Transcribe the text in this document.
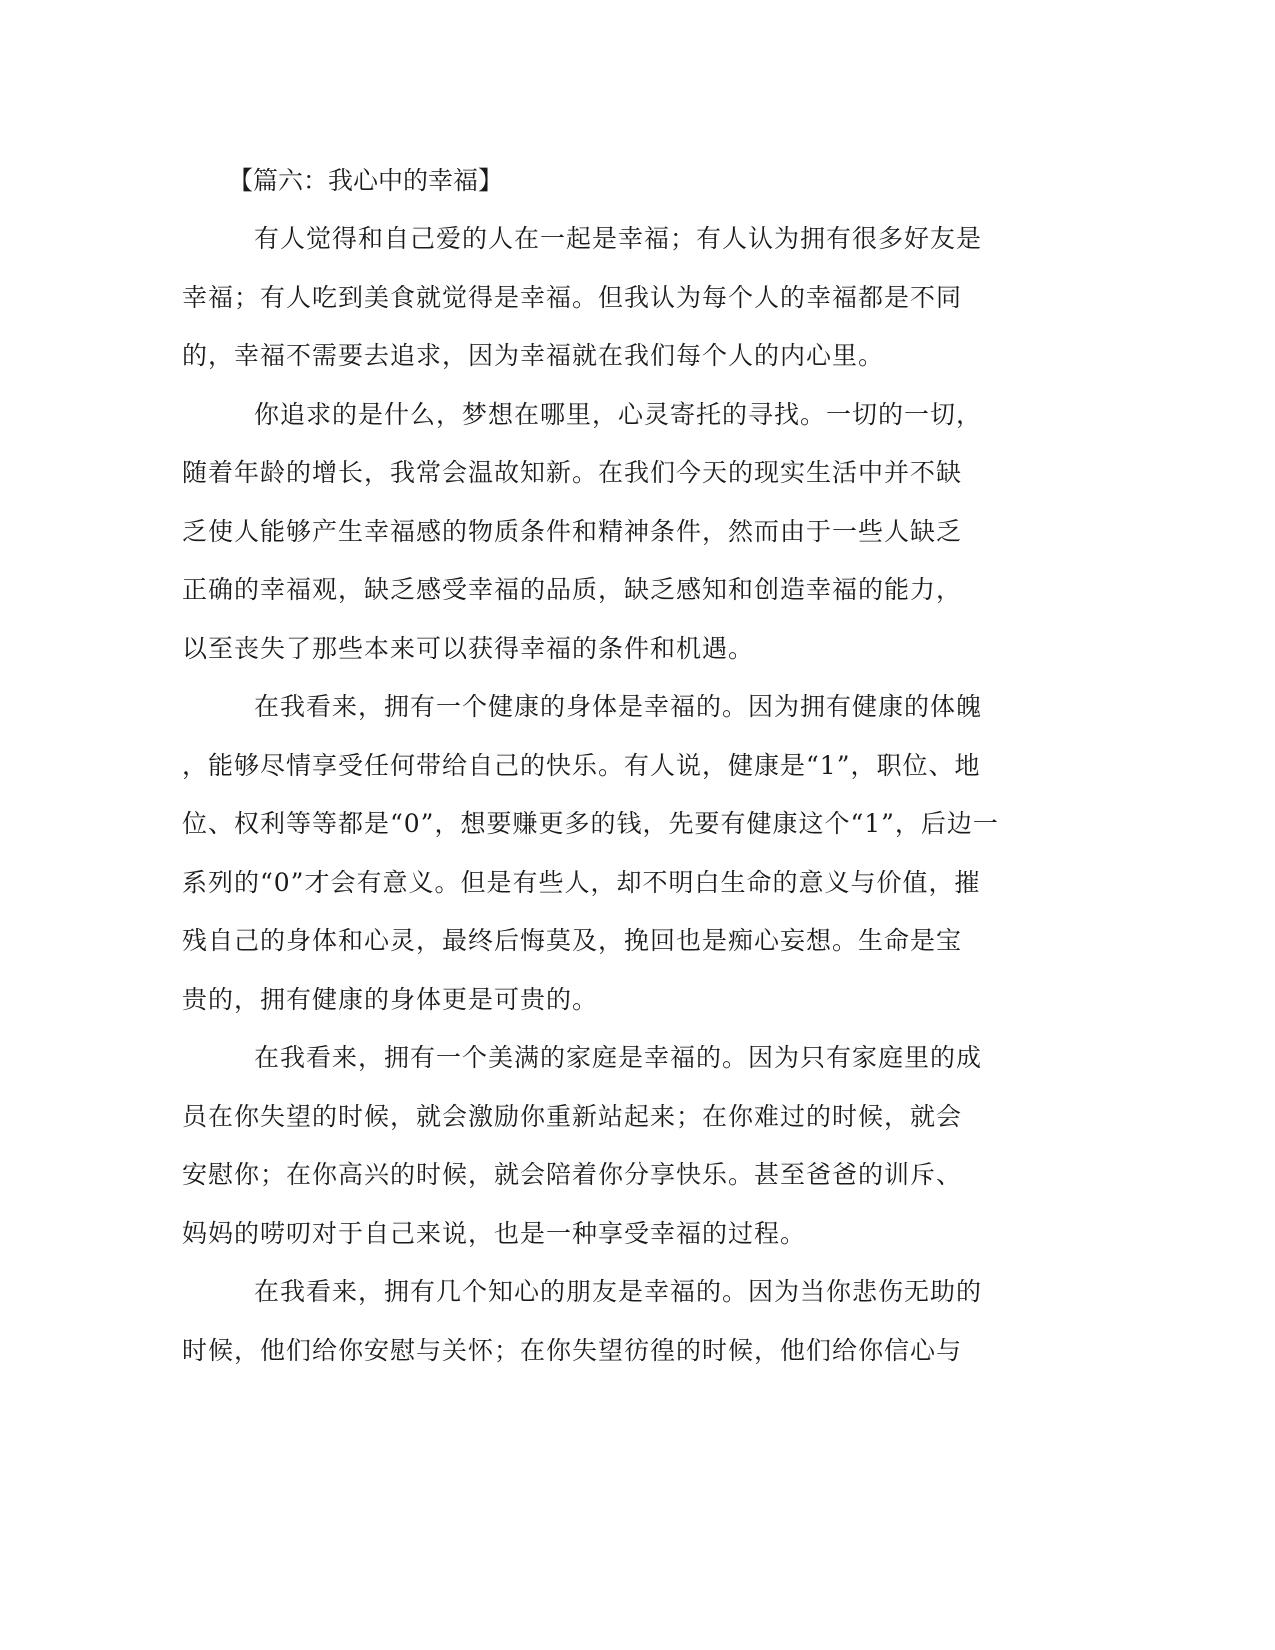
【篇六：我心中的幸福】

有人觉得和自己爱的人在一起是幸福；有人认为拥有很多好友是
幸福；有人吃到美食就觉得是幸福。但我认为每个人的幸福都是不同
的，幸福不需要去追求，因为幸福就在我们每个人的内心里。

你追求的是什么，梦想在哪里，心灵寄托的寻找。一切的一切，
随着年龄的增长，我常会温故知新。在我们今天的现实生活中并不缺
乏使人能够产生幸福感的物质条件和精神条件，然而由于一些人缺乏
正确的幸福观，缺乏感受幸福的品质，缺乏感知和创造幸福的能力，
以至丧失了那些本来可以获得幸福的条件和机遇。

在我看来，拥有一个健康的身体是幸福的。因为拥有健康的体魄
，能够尽情享受任何带给自己的快乐。有人说，健康是“1”，职位、地
位、权利等等都是“0”，想要赚更多的钱，先要有健康这个“1”，后边一
系列的“0”才会有意义。但是有些人，却不明白生命的意义与价值，摧
残自己的身体和心灵，最终后悔莫及，挽回也是痴心妄想。生命是宝
贵的，拥有健康的身体更是可贵的。

在我看来，拥有一个美满的家庭是幸福的。因为只有家庭里的成
员在你失望的时候，就会激励你重新站起来；在你难过的时候，就会
安慰你；在你高兴的时候，就会陪着你分享快乐。甚至爸爸的训斥、
妈妈的唠叨对于自己来说，也是一种享受幸福的过程。

在我看来，拥有几个知心的朋友是幸福的。因为当你悲伤无助的
时候，他们给你安慰与关怀；在你失望彷徨的时候，他们给你信心与
